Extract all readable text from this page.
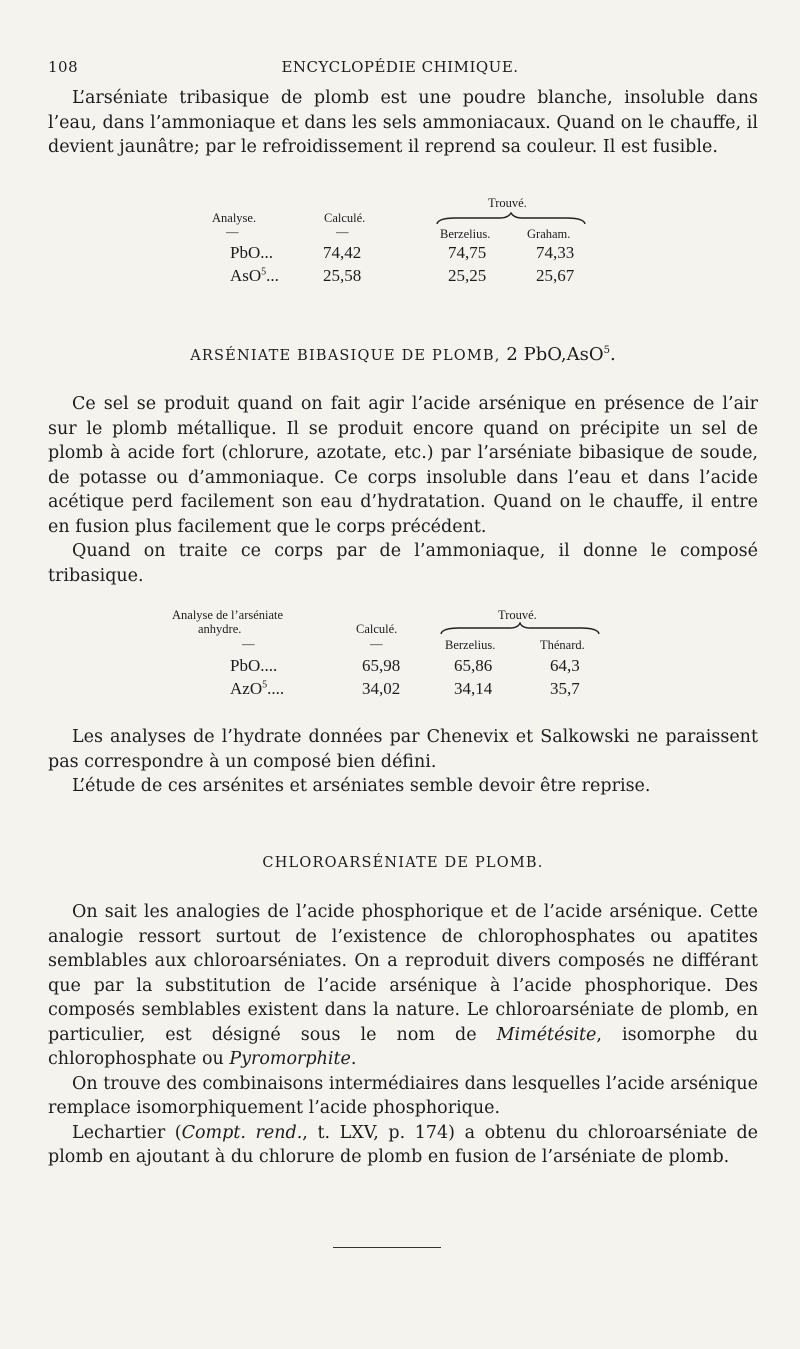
108	ENCYCLOPÉDIE CHIMIQUE.

L’arséniate tribasique de plomb est une poudre blanche, insoluble dans l’eau, dans l’ammoniaque et dans les sels ammoniacaux. Quand on le chauffe, il devient jaunâtre; par le refroidissement il reprend sa couleur. Il est fusible.

Analyse.	Calculé.
Trouvé.
—	—	Berzelius.	Graham.
PbO...	74,42	74,75	74,33
AsO$^5$...	25,58	25,25	25,67
ARSÉNIATE BIBASIQUE DE PLOMB, 2 PbO,AsO$^5$.

Ce sel se produit quand on fait agir l’acide arsénique en présence de l’air sur le plomb métallique. Il se produit encore quand on précipite un sel de plomb à acide fort (chlorure, azotate, etc.) par l’arséniate bibasique de soude, de potasse ou d’ammoniaque. Ce corps insoluble dans l’eau et dans l’acide acétique perd facilement son eau d’hydratation. Quand on le chauffe, il entre en fusion plus facilement que le corps précédent.

Quand on traite ce corps par de l’ammoniaque, il donne le composé tribasique.

Analyse de l’arséniate
anhydre.	Calculé.
Trouvé.
—	—	Berzelius.	Thénard.
PbO....	65,98	65,86	64,3
AzO$^5$....	34,02	34,14	35,7

Les analyses de l’hydrate données par Chenevix et Salkowski ne paraissent pas correspondre à un composé bien défini.

L’étude de ces arsénites et arséniates semble devoir être reprise.

CHLOROARSÉNIATE DE PLOMB.

On sait les analogies de l’acide phosphorique et de l’acide arsénique. Cette analogie ressort surtout de l’existence de chlorophosphates ou apatites semblables aux chloroarséniates. On a reproduit divers composés ne différant que par la substitution de l’acide arsénique à l’acide phosphorique. Des composés semblables existent dans la nature. Le chloroarséniate de plomb, en particulier, est désigné sous le nom de Mimétésite, isomorphe du chlorophosphate ou Pyromorphite.

On trouve des combinaisons intermédiaires dans lesquelles l’acide arsénique remplace isomorphiquement l’acide phosphorique.

Lechartier (Compt. rend., t. LXV, p. 174) a obtenu du chloroarséniate de plomb en ajoutant à du chlorure de plomb en fusion de l’arséniate de plomb.
